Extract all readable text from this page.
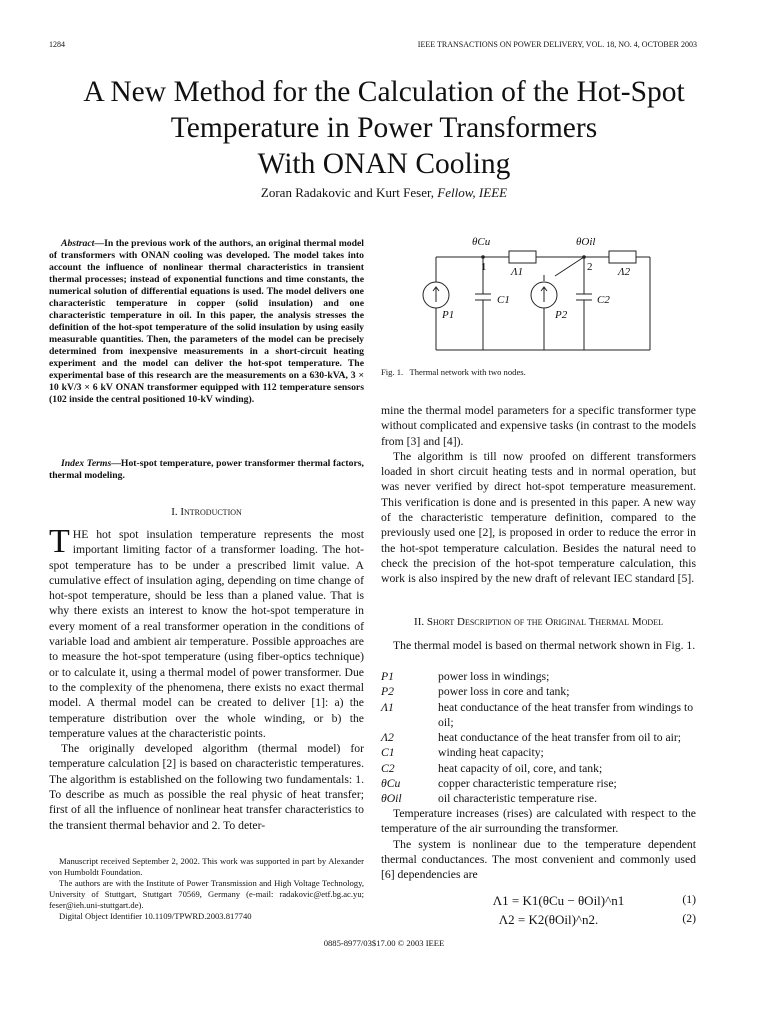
1284	IEEE TRANSACTIONS ON POWER DELIVERY, VOL. 18, NO. 4, OCTOBER 2003
A New Method for the Calculation of the Hot-Spot
Temperature in Power Transformers
With ONAN Cooling
Zoran Radakovic and Kurt Feser, Fellow, IEEE
Abstract—In the previous work of the authors, an original thermal model of transformers with ONAN cooling was developed. The model takes into account the influence of nonlinear thermal characteristics in transient thermal processes; instead of exponential functions and time constants, the numerical solution of differential equations is used. The model delivers one characteristic temperature in copper (solid insulation) and one characteristic temperature in oil. In this paper, the analysis stresses the definition of the hot-spot temperature of the solid insulation by using easily measurable quantities. Then, the parameters of the model can be precisely determined from inexpensive measurements in a short-circuit heating experiment and the model can deliver the hot-spot temperature. The experimental base of this research are the measurements on a 630-kVA, 3 × 10 kV/3 × 6 kV ONAN transformer equipped with 112 temperature sensors (102 inside the central positioned 10-kV winding).
Index Terms—Hot-spot temperature, power transformer thermal factors, thermal modeling.
I. Introduction

THE hot spot insulation temperature represents the most important limiting factor of a transformer loading. The hot-spot temperature has to be under a prescribed limit value. A cumulative effect of insulation aging, depending on time change of hot-spot temperature, should be less than a planed value. That is why there exists an interest to know the hot-spot temperature in every moment of a real transformer operation in the conditions of variable load and ambient air temperature. Possible approaches are to measure the hot-spot temperature (using fiber-optics technique) or to calculate it, using a thermal model of power transformer. Due to the complexity of the phenomena, there exists no exact thermal model. A thermal model can be created to deliver [1]: a) the temperature distribution over the whole winding, or b) the temperature values at the characteristic points.

The originally developed algorithm (thermal model) for temperature calculation [2] is based on characteristic temperatures. The algorithm is established on the following two fundamentals: 1. To describe as much as possible the real physic of heat transfer; first of all the influence of nonlinear heat transfer characteristics to the transient thermal behavior and 2. To deter-

Manuscript received September 2, 2002. This work was supported in part by Alexander von Humboldt Foundation.

The authors are with the Institute of Power Transmission and High Voltage Technology, University of Stuttgart, Stuttgart 70569, Germany (e-mail: radakovic@etf.bg.ac.yu; feser@ieh.uni-stuttgart.de).

Digital Object Identifier 10.1109/TPWRD.2003.817740

θCu	θOil
1	2
Λ1	Λ2
C1	C2
P1	P2
Fig. 1. Thermal network with two nodes.

mine the thermal model parameters for a specific transformer type without complicated and expensive tasks (in contrast to the models from [3] and [4]).

The algorithm is till now proofed on different transformers loaded in short circuit heating tests and in normal operation, but was never verified by direct hot-spot temperature measurement. This verification is done and is presented in this paper. A new way of the characteristic temperature definition, compared to the previously used one [2], is proposed in order to reduce the error in the hot-spot temperature calculation. Besides the natural need to check the precision of the hot-spot temperature calculation, this work is also inspired by the new draft of relevant IEC standard [5].

II. Short Description of the Original Thermal Model

The thermal model is based on thermal network shown in Fig. 1.

P1	power loss in windings;
P2	power loss in core and tank;
Λ1	heat conductance of the heat transfer from windings to oil;
Λ2	heat conductance of the heat transfer from oil to air;
C1	winding heat capacity;
C2	heat capacity of oil, core, and tank;
θCu	copper characteristic temperature rise;
θOil	oil characteristic temperature rise.

Temperature increases (rises) are calculated with respect to the temperature of the air surrounding the transformer.

The system is nonlinear due to the temperature dependent thermal conductances. The most convenient and commonly used [6] dependencies are

Λ1 = K1(θCu − θOil)^n1	(1)
Λ2 = K2(θOil)^n2.	(2)
0885-8977/03$17.00 © 2003 IEEE
